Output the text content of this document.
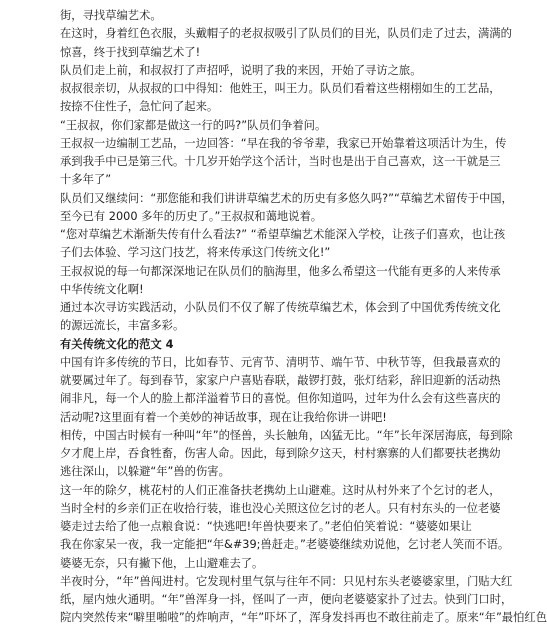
街，寻找草编艺术。
在这时，身着红色衣服，头戴帽子的老叔叔吸引了队员们的目光，队员们走了过去，满满的
惊喜，终于找到草编艺术了!
队员们走上前，和叔叔打了声招呼，说明了我的来因，开始了寻访之旅。
叔叔很亲切，从叔叔的口中得知：他姓王，叫王力。队员们看着这些栩栩如生的工艺品，
按捺不住性子，急忙问了起来。
“王叔叔，你们家都是做这一行的吗?”队员们争着问。
王叔叔一边编制工艺品，一边回答：“早在我的爷爷辈，我家已开始靠着这项活计为生，传
承到我手中已是第三代。十几岁开始学这个活计，当时也是出于自己喜欢，这一干就是三
十多年了”
队员们又继续问：“那您能和我们讲讲草编艺术的历史有多悠久吗?”“草编艺术留传于中国，
至今已有 2000 多年的历史了。”王叔叔和蔼地说着。
“您对草编艺术渐渐失传有什么看法?” “希望草编艺术能深入学校，让孩子们喜欢，也让孩
子们去体验、学习这门技艺，将来传承这门传统文化!”
王叔叔说的每一句都深深地记在队员们的脑海里，他多么希望这一代能有更多的人来传承
中华传统文化啊!
通过本次寻访实践活动，小队员们不仅了解了传统草编艺术，体会到了中国优秀传统文化
的源远流长，丰富多彩。
有关传统文化的范文 4
中国有许多传统的节日，比如春节、元宵节、清明节、端午节、中秋节等，但我最喜欢的
就要属过年了。每到春节，家家户户喜贴春联，敲锣打鼓，张灯结彩，辞旧迎新的活动热
闹非凡，每一个人的脸上都洋溢着节日的喜悦。但你知道吗，过年为什么会有这些喜庆的
活动呢?这里面有着一个美妙的神话故事，现在让我给你讲一讲吧!
相传，中国古时候有一种叫“年”的怪兽，头长触角，凶猛无比。“年”长年深居海底，每到除
夕才爬上岸，吞食牲畜，伤害人命。因此，每到除夕这天，村村寨寨的人们都要扶老携幼
逃往深山，以躲避“年”兽的伤害。
这一年的除夕，桃花村的人们正准备扶老携幼上山避难。这时从村外来了个乞讨的老人，
当时全村的乡亲们正在收拾行装，谁也没心关照这位乞讨的老人。只有村东头的一位老婆
婆走过去给了他一点粮食说：“快逃吧!年兽快要来了。”老伯伯笑着说：“婆婆如果让
我在你家呆一夜，我一定能把“年&#39;兽赶走。”老婆婆继续劝说他，乞讨老人笑而不语。
婆婆无奈，只有撇下他，上山避难去了。
半夜时分，“年”兽闯进村。它发现村里气氛与往年不同：只见村东头老婆婆家里，门贴大红
纸，屋内烛火通明。“年”兽浑身一抖，怪叫了一声，便向老婆婆家扑了过去。快到门口时，
院内突然传来“噼里啪啦”的炸响声，“年”吓坏了，浑身发抖再也不敢往前走了。原来“年”最怕红色
